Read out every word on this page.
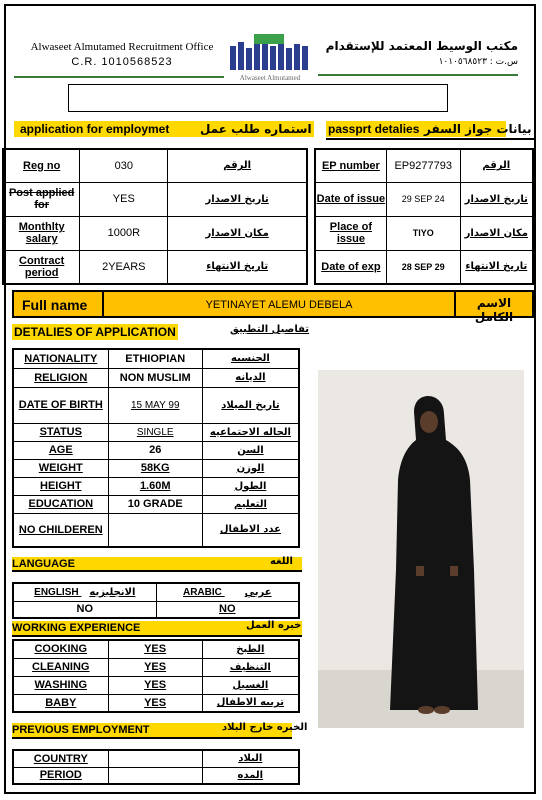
Alwaseet Almutamed Recruitment Office
C.R. 1010568523
Alwaseet Almutamed
مكتب الوسيط المعتمد للإستقدام
س.ت : ١٠١٠٥٦٨٥٢٣
application for employmet	استماره طلب عمل passprt detalies بيانات جواز السفر
Reg no	030	الرقم
Post applied for	YES	تاريخ الاصدار
Monthlty salary	1000R	مكان الاصدار
Contract period	2YEARS	تاريخ الانتهاء
EP number	EP9277793	الرقم
Date of issue	29 SEP 24	تاريخ الاصدار
Place of issue	TIYO	مكان الاصدار
Date of exp	28 SEP 29	تاريخ الانتهاء
Full name	YETINAYET ALEMU DEBELA	الاسم الكامل
DETALIES OF APPLICATION	تفاصيل التطبيق
NATIONALITY	ETHIOPIAN	الجنسيه
RELIGION	NON MUSLIM	الديانه
DATE OF BIRTH	15 MAY 99	تاريخ الميلاد
STATUS	SINGLE	الحاله الاجتماعيه
AGE	26	السن
WEIGHT	58KG	الوزن
HEIGHT	1.60M	الطول
EDUCATION	10 GRADE	التعليم
NO CHILDEREN		عدد الاطفال
LANGUAGE	اللغه
ENGLISH الانجليزيه	ARABIC عربي
NO	NO
WORKING EXPERIENCE	خبره العمل
COOKING	YES	الطبخ
CLEANING	YES	التنظيف
WASHING	YES	الغسيل
BABY	YES	تربيه الاطفال
PREVIOUS EMPLOYMENT	الخبره خارج البلاد
COUNTRY		البلاد
PERIOD		المده
